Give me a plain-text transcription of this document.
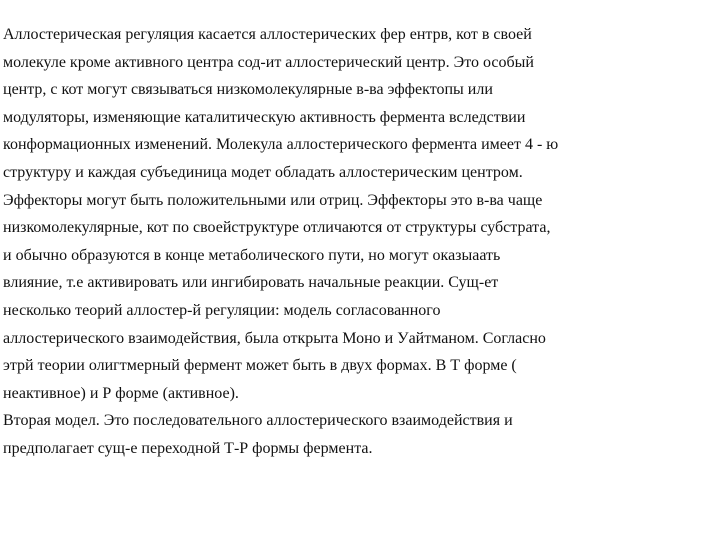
Аллостерическая регуляция касается аллостерических фер ентрв, кот в своей
молекуле кроме активного центра сод-ит аллостерический центр. Это особый
центр, с кот могут связываться низкомолекулярные в-ва эффектопы или
модуляторы, изменяющие каталитическую активность фермента вследствии
конформационных изменений. Молекула аллостерического фермента имеет 4 - ю
структуру и каждая субъединица модет обладать аллостерическим центром.
Эффекторы могут быть положительными или отриц. Эффекторы это в-ва чаще
низкомолекулярные, кот по своейструктуре отличаются от структуры субстрата,
и обычно образуются в конце метаболического пути, но могут оказыаать
влияние, т.е активировать или ингибировать начальные реакции. Сущ-ет
несколько теорий аллостер-й регуляции: модель согласованного
аллостерического взаимодействия, была открыта Моно и Уайтманом. Согласно
этрй теории олигтмерный фермент может быть в двух формах. В Т форме (
неактивное) и Р форме (активное).
Вторая модел. Это последовательного аллостерического взаимодействия и
предполагает сущ-е переходной Т-Р формы фермента.
